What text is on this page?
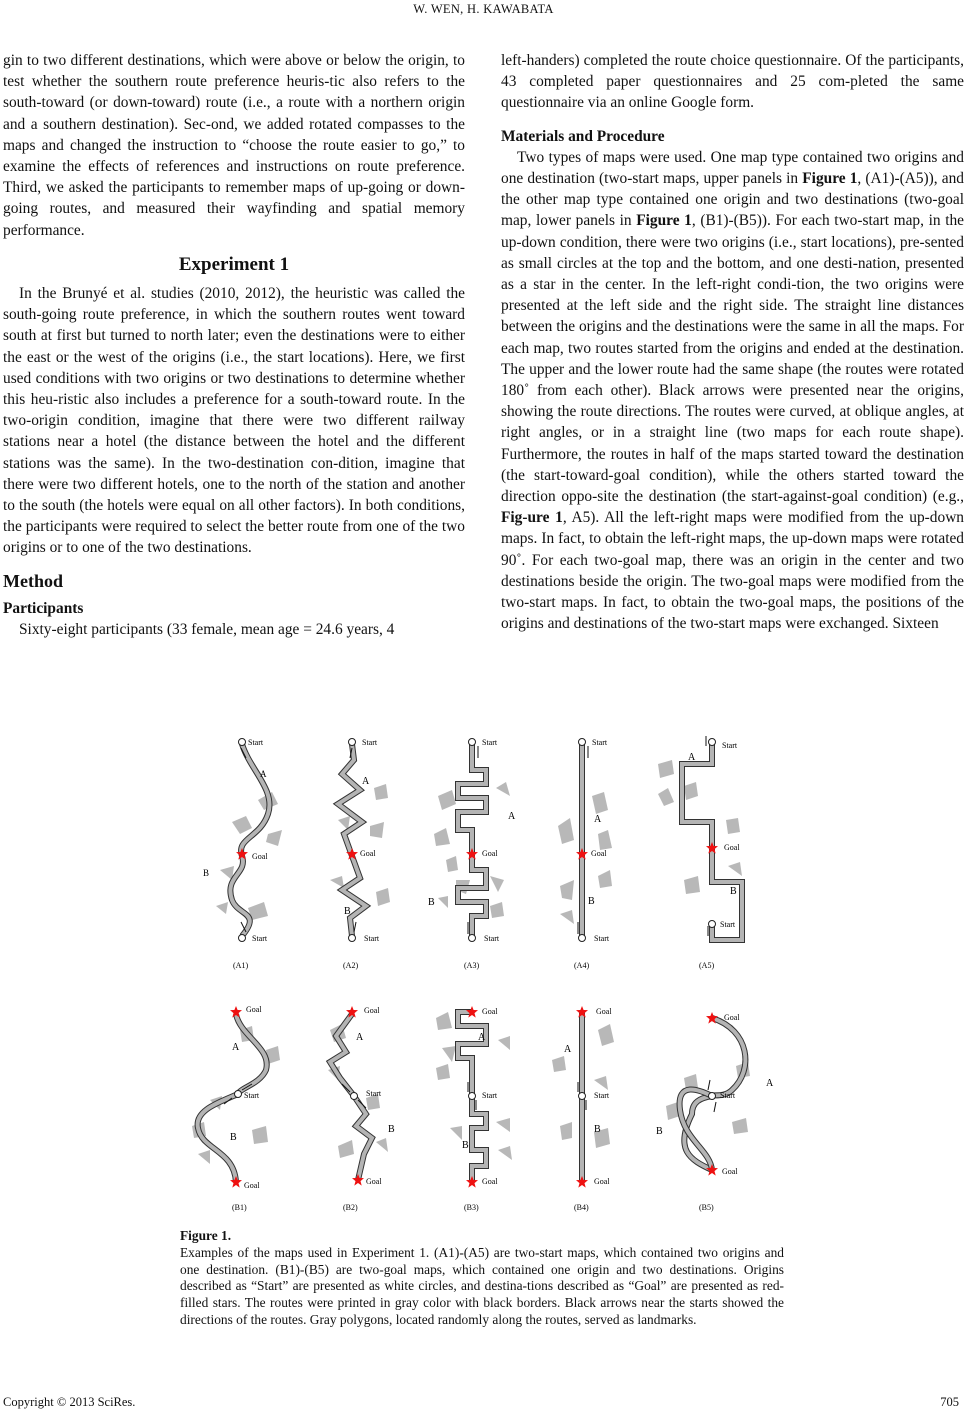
W. WEN, H. KAWABATA

gin to two different destinations, which were above or below the origin, to test whether the southern route preference heuris-tic also refers to the south-toward (or down-toward) route (i.e., a route with a northern origin and a southern destination). Sec-ond, we added rotated compasses to the maps and changed the instruction to “choose the route easier to go,” to examine the effects of references and instructions on route preference. Third, we asked the participants to remember maps of up-going or down-going routes, and measured their wayfinding and spatial memory performance.

Experiment 1

In the Brunyé et al. studies (2010, 2012), the heuristic was called the south-going route preference, in which the southern routes went toward south at first but turned to north later; even the destinations were to either the east or the west of the origins (i.e., the start locations). Here, we first used conditions with two origins or two destinations to determine whether this heu-ristic also includes a preference for a south-toward route. In the two-origin condition, imagine that there were two different railway stations near a hotel (the distance between the hotel and the different stations was the same). In the two-destination con-dition, imagine that there were two different hotels, one to the north of the station and another to the south (the hotels were equal on all other factors). In both conditions, the participants were required to select the better route from one of the two origins or to one of the two destinations.

Method
Participants

Sixty-eight participants (33 female, mean age = 24.6 years, 4

left-handers) completed the route choice questionnaire. Of the participants, 43 completed paper questionnaires and 25 com-pleted the same questionnaire via an online Google form.

Materials and Procedure

Two types of maps were used. One map type contained two origins and one destination (two-start maps, upper panels in Figure 1, (A1)-(A5)), and the other map type contained one origin and two destinations (two-goal map, lower panels in Figure 1, (B1)-(B5)). For each two-start map, in the up-down condition, there were two origins (i.e., start locations), pre-sented as small circles at the top and the bottom, and one desti-nation, presented as a star in the center. In the left-right condi-tion, the two origins were presented at the left side and the right side. The straight line distances between the origins and the destinations were the same in all the maps. For each map, two routes started from the origins and ended at the destination. The upper and the lower route had the same shape (the routes were rotated 180˚ from each other). Black arrows were presented near the origins, showing the route directions. The routes were curved, at oblique angles, at right angles, or in a straight line (two maps for each route shape). Furthermore, the routes in half of the maps started toward the destination (the start-toward-goal condition), while the others started toward the direction oppo-site the destination (the start-against-goal condition) (e.g., Fig-ure 1, A5). All the left-right maps were modified from the up-down maps. In fact, to obtain the left-right maps, the up-down maps were rotated 90˚. For each two-goal map, there was an origin in the center and two destinations beside the origin. The two-goal maps were modified from the two-start maps. In fact, to obtain the two-goal maps, the positions of the origins and destinations of the two-start maps were exchanged. Sixteen

Start
Start
Goal
A
B
(A1)
Start
Start
Goal
A
B
(A2)
Start
Start
Goal
A
B
(A3)
Start
Start
Goal
A
B
(A4)
Start
Start
Goal
A
B
(A5)
Goal
Goal
Start
A
B
(B1)
Goal
Goal
Start
A
B
(B2)
Goal
Goal
Start
A
B
(B3)
Goal
Goal
Start
A
B
(B4)
Goal
Goal
Start
A
B
(B5)
Figure 1.
Examples of the maps used in Experiment 1. (A1)-(A5) are two-start maps, which contained two origins and one destination. (B1)-(B5) are two-goal maps, which contained one origin and two destinations. Origins described as “Start” are presented as white circles, and destina-tions described as “Goal” are presented as red-filled stars. The routes were printed in gray color with black borders. Black arrows near the starts showed the directions of the routes. Gray polygons, located randomly along the routes, served as landmarks.
Copyright © 2013 SciRes.	705
